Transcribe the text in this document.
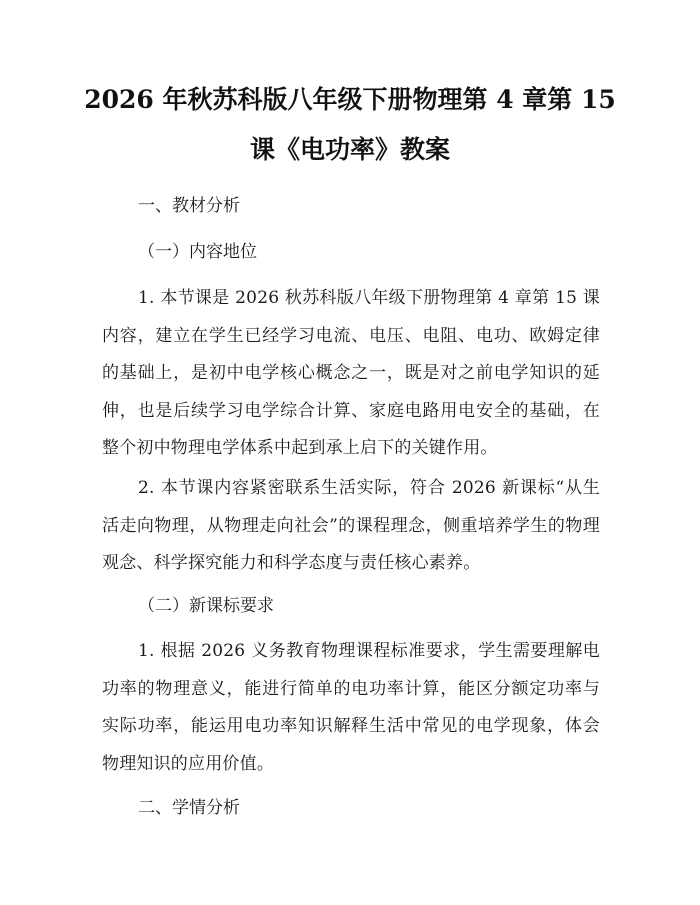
2026 年秋苏科版八年级下册物理第 4 章第 15
课《电功率》教案

一、教材分析

（一）内容地位

1. 本节课是 2026 秋苏科版八年级下册物理第 4 章第 15 课内容，建立在学生已经学习电流、电压、电阻、电功、欧姆定律的基础上，是初中电学核心概念之一，既是对之前电学知识的延伸，也是后续学习电学综合计算、家庭电路用电安全的基础，在整个初中物理电学体系中起到承上启下的关键作用。

2. 本节课内容紧密联系生活实际，符合 2026 新课标“从生活走向物理，从物理走向社会”的课程理念，侧重培养学生的物理观念、科学探究能力和科学态度与责任核心素养。

（二）新课标要求

1. 根据 2026 义务教育物理课程标准要求，学生需要理解电功率的物理意义，能进行简单的电功率计算，能区分额定功率与实际功率，能运用电功率知识解释生活中常见的电学现象，体会物理知识的应用价值。

二、学情分析
